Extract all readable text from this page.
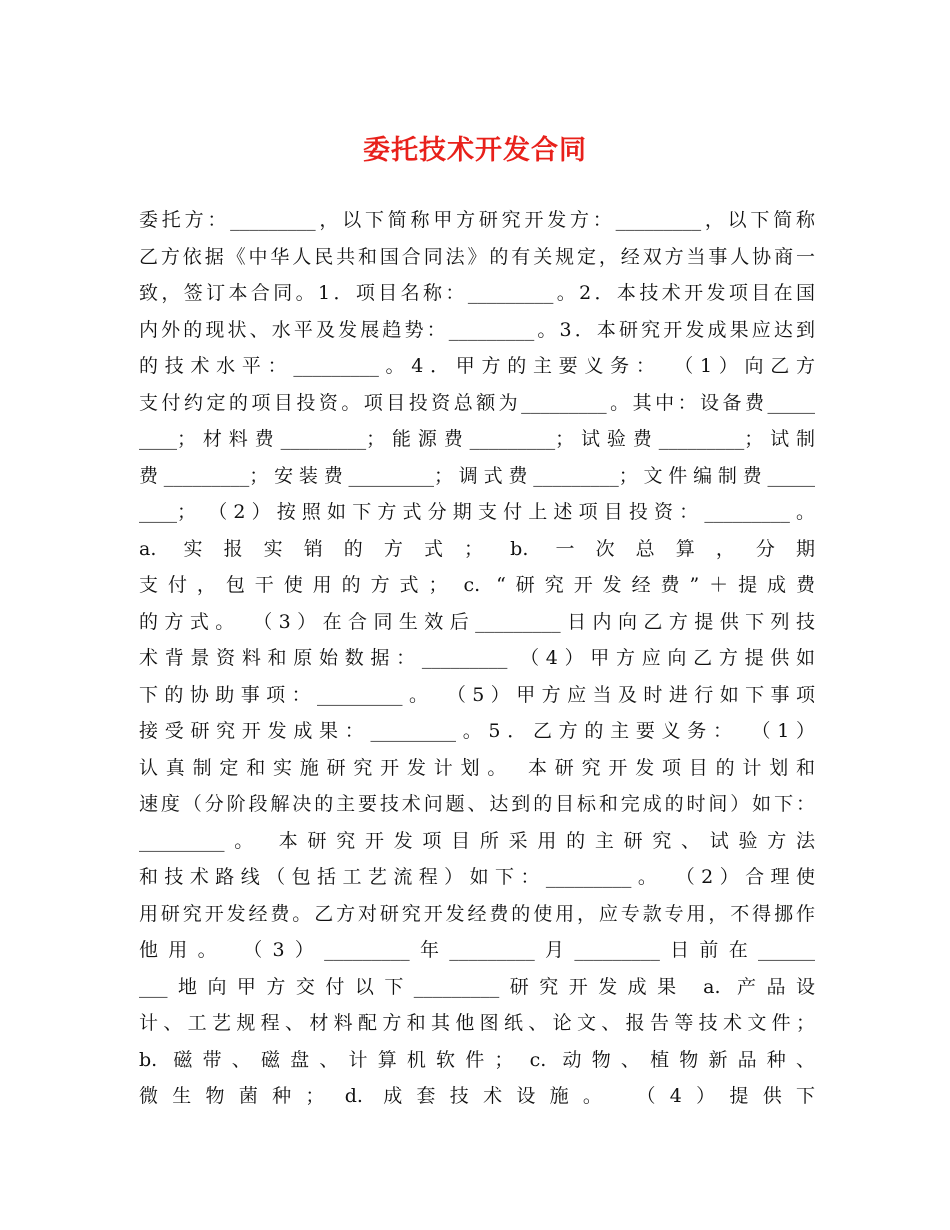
委托技术开发合同
委托方：_________，以下简称甲方研究开发方：_________，以下简称
乙方依据《中华人民共和国合同法》的有关规定，经双方当事人协商一
致，签订本合同。1．项目名称：_________。2．本技术开发项目在国
内外的现状、水平及发展趋势：_________。3．本研究开发成果应达到
的技术水平：_________。4．甲方的主要义务： （1）向乙方
支付约定的项目投资。项目投资总额为_________。其中：设备费_____
____；材料费_________；能源费_________；试验费_________；试制
费_________；安装费_________；调式费_________；文件编制费_____
____； （2）按照如下方式分期支付上述项目投资：_________。
a. 实报实销的方式； b. 一次总算，分期
支付，包干使用的方式； c. “研究开发经费”＋提成费
的方式。 （3）在合同生效后_________日内向乙方提供下列技
术背景资料和原始数据：_________ （4）甲方应向乙方提供如
下的协助事项：_________。 （5）甲方应当及时进行如下事项
接受研究开发成果：_________。5．乙方的主要义务： （1）
认真制定和实施研究开发计划。 本研究开发项目的计划和
速度（分阶段解决的主要技术问题、达到的目标和完成的时间）如下：
_________。 本研究开发项目所采用的主研究、试验方法
和技术路线（包括工艺流程）如下：_________。 （2）合理使
用研究开发经费。乙方对研究开发经费的使用，应专款专用，不得挪作
他用。 （3）_________年_________月_________日前在______
___地向甲方交付以下_________研究开发成果 a. 产品设
计、工艺规程、材料配方和其他图纸、论文、报告等技术文件；
b. 磁带、磁盘、计算机软件； c. 动物、植物新品种、
微生物菌种； d. 成套技术设施。 （4）提供下
